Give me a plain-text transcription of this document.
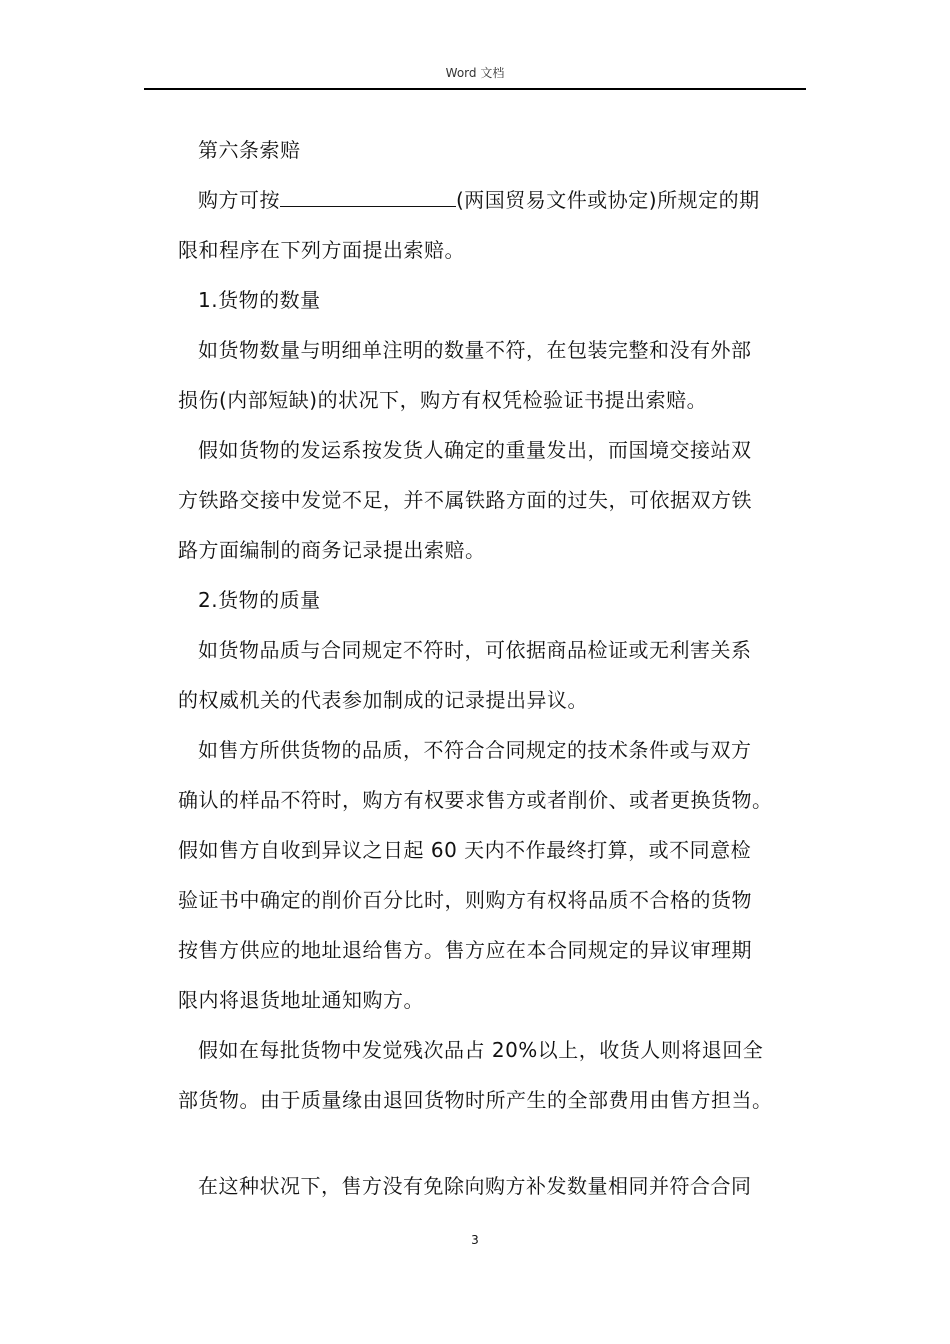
Word 文档
第六条索赔
购方可按	(两国贸易文件或协定)所规定的期
限和程序在下列方面提出索赔。
1.货物的数量
如货物数量与明细单注明的数量不符，在包装完整和没有外部
损伤(内部短缺)的状况下，购方有权凭检验证书提出索赔。
假如货物的发运系按发货人确定的重量发出，而国境交接站双
方铁路交接中发觉不足，并不属铁路方面的过失，可依据双方铁
路方面编制的商务记录提出索赔。
2.货物的质量
如货物品质与合同规定不符时，可依据商品检证或无利害关系
的权威机关的代表参加制成的记录提出异议。
如售方所供货物的品质，不符合合同规定的技术条件或与双方
确认的样品不符时，购方有权要求售方或者削价、或者更换货物。
假如售方自收到异议之日起 60 天内不作最终打算，或不同意检
验证书中确定的削价百分比时，则购方有权将品质不合格的货物
按售方供应的地址退给售方。售方应在本合同规定的异议审理期
限内将退货地址通知购方。
假如在每批货物中发觉残次品占 20%以上，收货人则将退回全
部货物。由于质量缘由退回货物时所产生的全部费用由售方担当。
在这种状况下，售方没有免除向购方补发数量相同并符合合同
3
